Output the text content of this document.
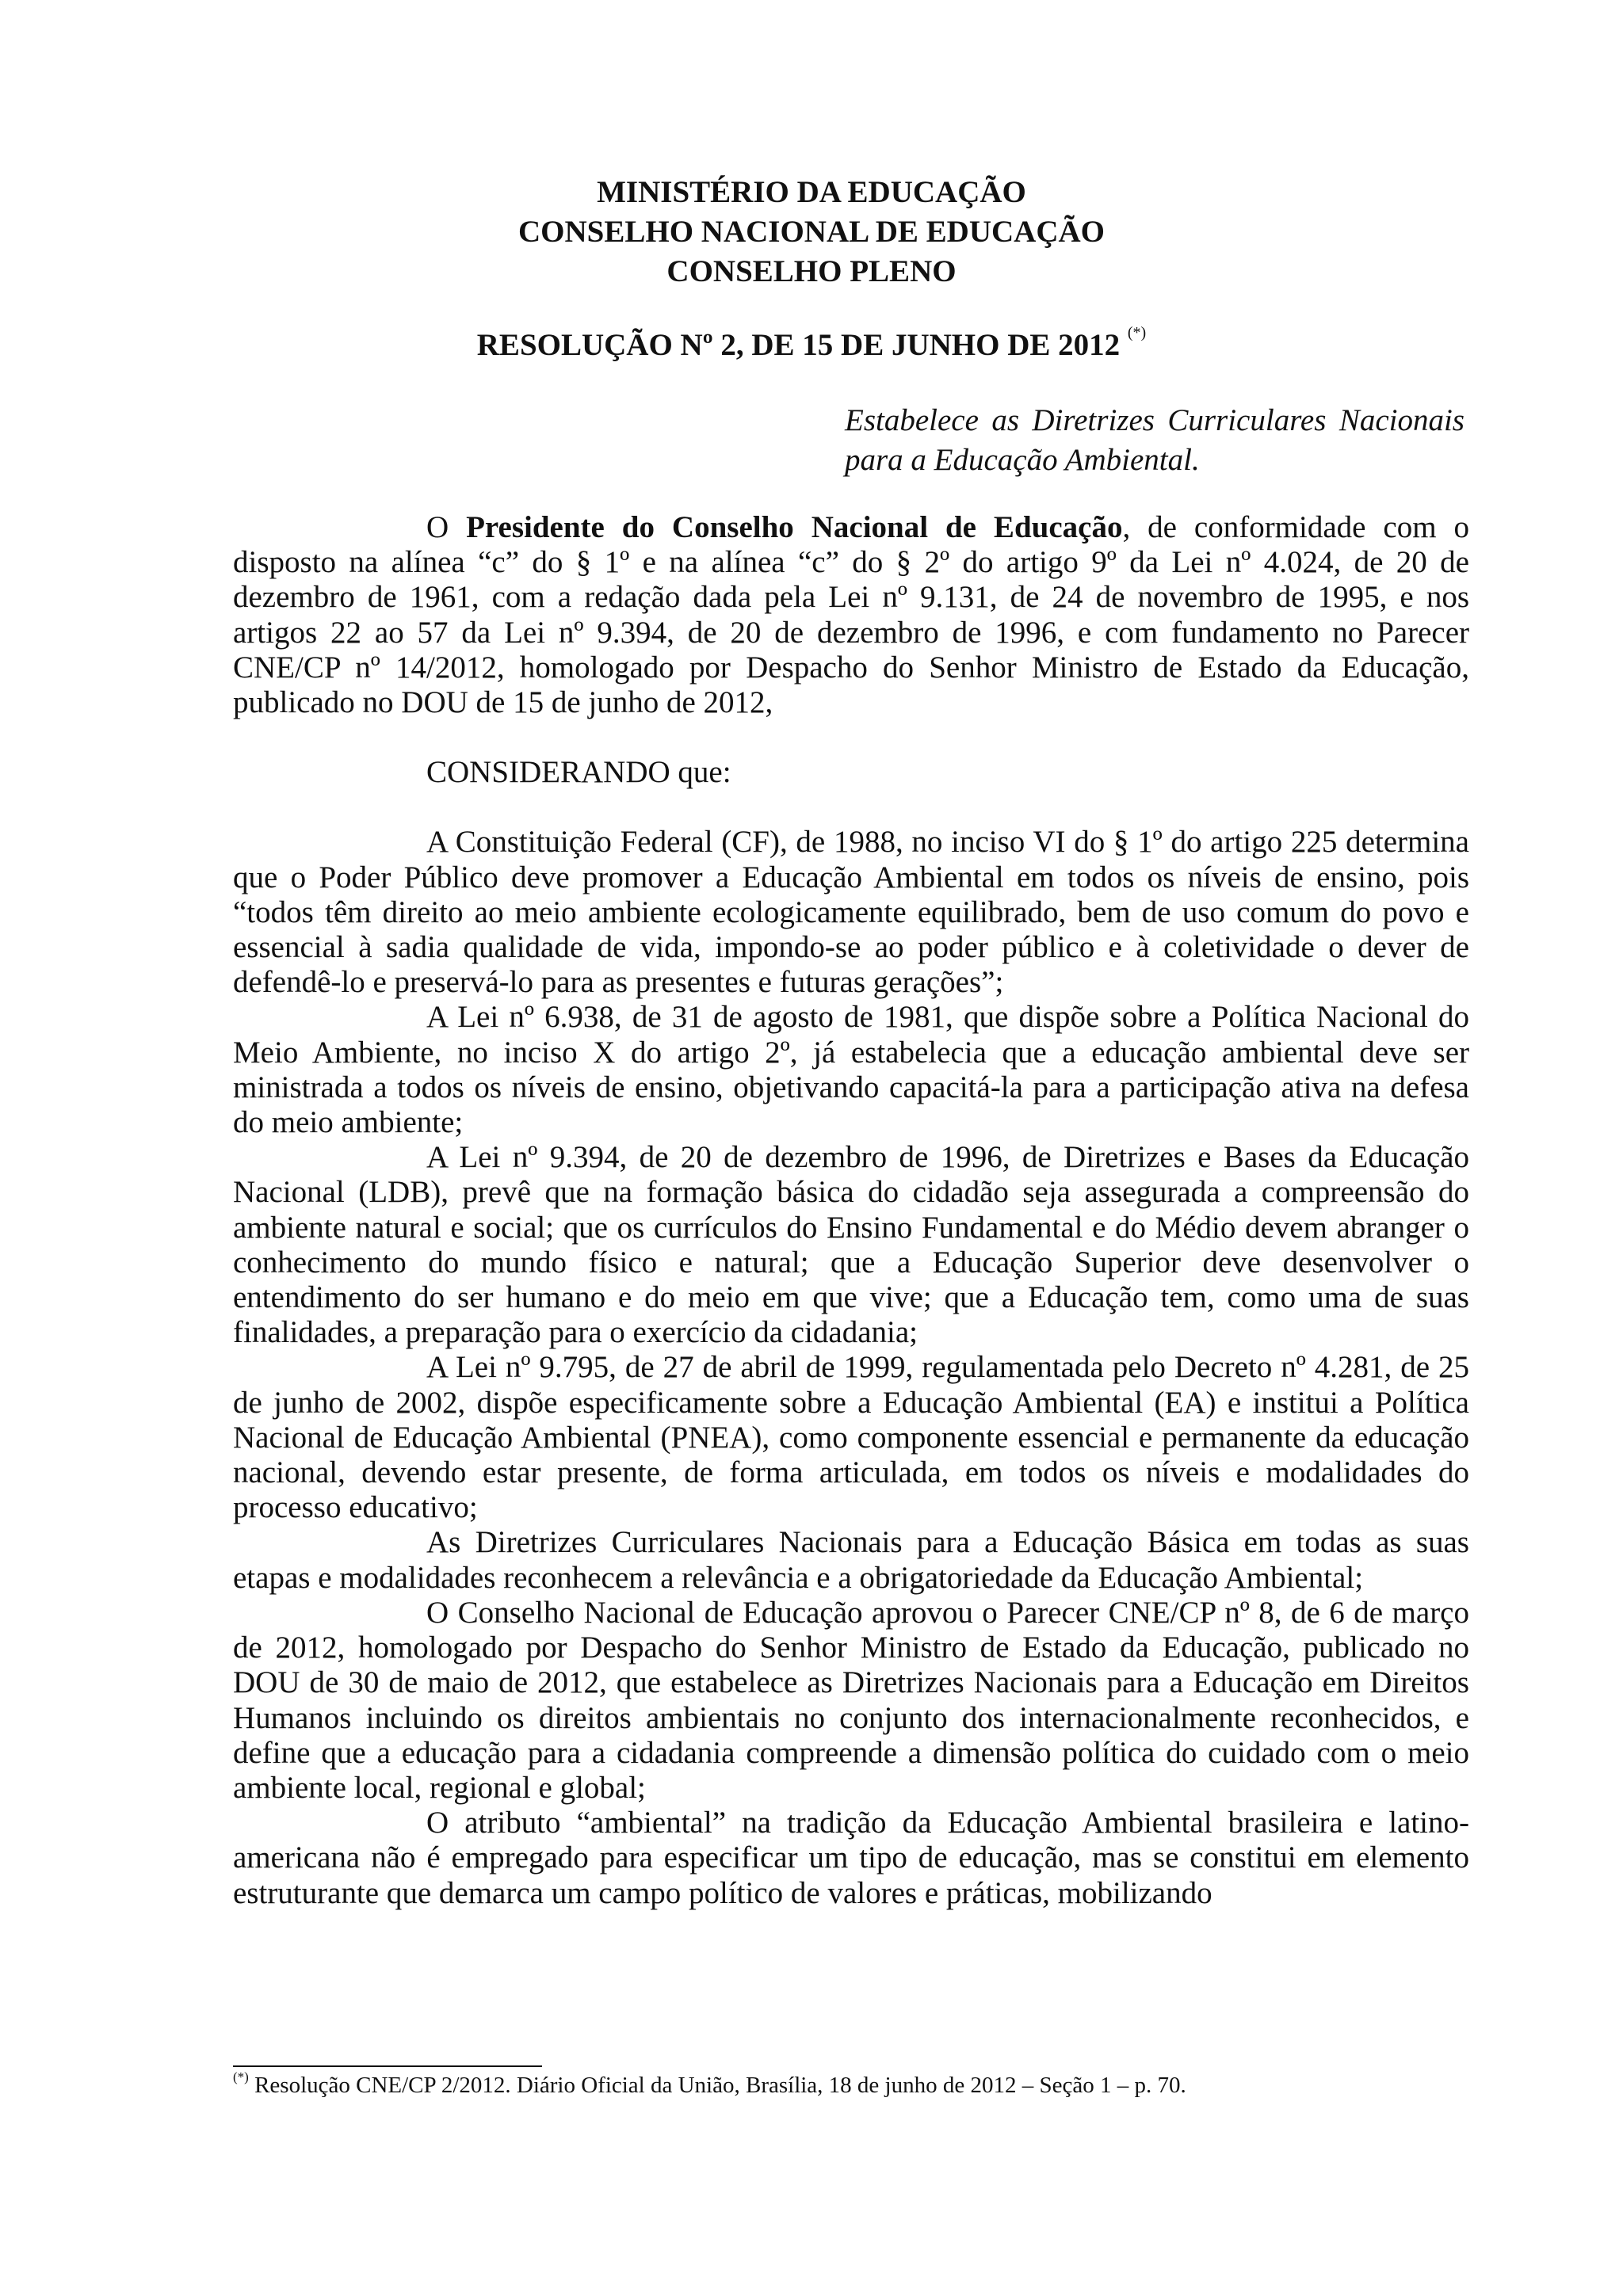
MINISTÉRIO DA EDUCAÇÃO
CONSELHO NACIONAL DE EDUCAÇÃO
CONSELHO PLENO
RESOLUÇÃO Nº 2, DE 15 DE JUNHO DE 2012 (*)
Estabelece as Diretrizes Curriculares Nacionais para a Educação Ambiental.

O Presidente do Conselho Nacional de Educação, de conformidade com o disposto na alínea “c” do § 1º e na alínea “c” do § 2º do artigo 9º da Lei nº 4.024, de 20 de dezembro de 1961, com a redação dada pela Lei nº 9.131, de 24 de novembro de 1995, e nos artigos 22 ao 57 da Lei nº 9.394, de 20 de dezembro de 1996, e com fundamento no Parecer CNE/CP nº 14/2012, homologado por Despacho do Senhor Ministro de Estado da Educação, publicado no DOU de 15 de junho de 2012,

CONSIDERANDO que:

A Constituição Federal (CF), de 1988, no inciso VI do § 1º do artigo 225 determina que o Poder Público deve promover a Educação Ambiental em todos os níveis de ensino, pois “todos têm direito ao meio ambiente ecologicamente equilibrado, bem de uso comum do povo e essencial à sadia qualidade de vida, impondo-se ao poder público e à coletividade o dever de defendê-lo e preservá-lo para as presentes e futuras gerações”;

A Lei nº 6.938, de 31 de agosto de 1981, que dispõe sobre a Política Nacional do Meio Ambiente, no inciso X do artigo 2º, já estabelecia que a educação ambiental deve ser ministrada a todos os níveis de ensino, objetivando capacitá-la para a participação ativa na defesa do meio ambiente;

A Lei nº 9.394, de 20 de dezembro de 1996, de Diretrizes e Bases da Educação Nacional (LDB), prevê que na formação básica do cidadão seja assegurada a compreensão do ambiente natural e social; que os currículos do Ensino Fundamental e do Médio devem abranger o conhecimento do mundo físico e natural; que a Educação Superior deve desenvolver o entendimento do ser humano e do meio em que vive; que a Educação tem, como uma de suas finalidades, a preparação para o exercício da cidadania;

A Lei nº 9.795, de 27 de abril de 1999, regulamentada pelo Decreto nº 4.281, de 25 de junho de 2002, dispõe especificamente sobre a Educação Ambiental (EA) e institui a Política Nacional de Educação Ambiental (PNEA), como componente essencial e permanente da educação nacional, devendo estar presente, de forma articulada, em todos os níveis e modalidades do processo educativo;

As Diretrizes Curriculares Nacionais para a Educação Básica em todas as suas etapas e modalidades reconhecem a relevância e a obrigatoriedade da Educação Ambiental;

O Conselho Nacional de Educação aprovou o Parecer CNE/CP nº 8, de 6 de março de 2012, homologado por Despacho do Senhor Ministro de Estado da Educação, publicado no DOU de 30 de maio de 2012, que estabelece as Diretrizes Nacionais para a Educação em Direitos Humanos incluindo os direitos ambientais no conjunto dos internacionalmente reconhecidos, e define que a educação para a cidadania compreende a dimensão política do cuidado com o meio ambiente local, regional e global;

O atributo “ambiental” na tradição da Educação Ambiental brasileira e latino-americana não é empregado para especificar um tipo de educação, mas se constitui em elemento estruturante que demarca um campo político de valores e práticas, mobilizando

(*) Resolução CNE/CP 2/2012. Diário Oficial da União, Brasília, 18 de junho de 2012 – Seção 1 – p. 70.
